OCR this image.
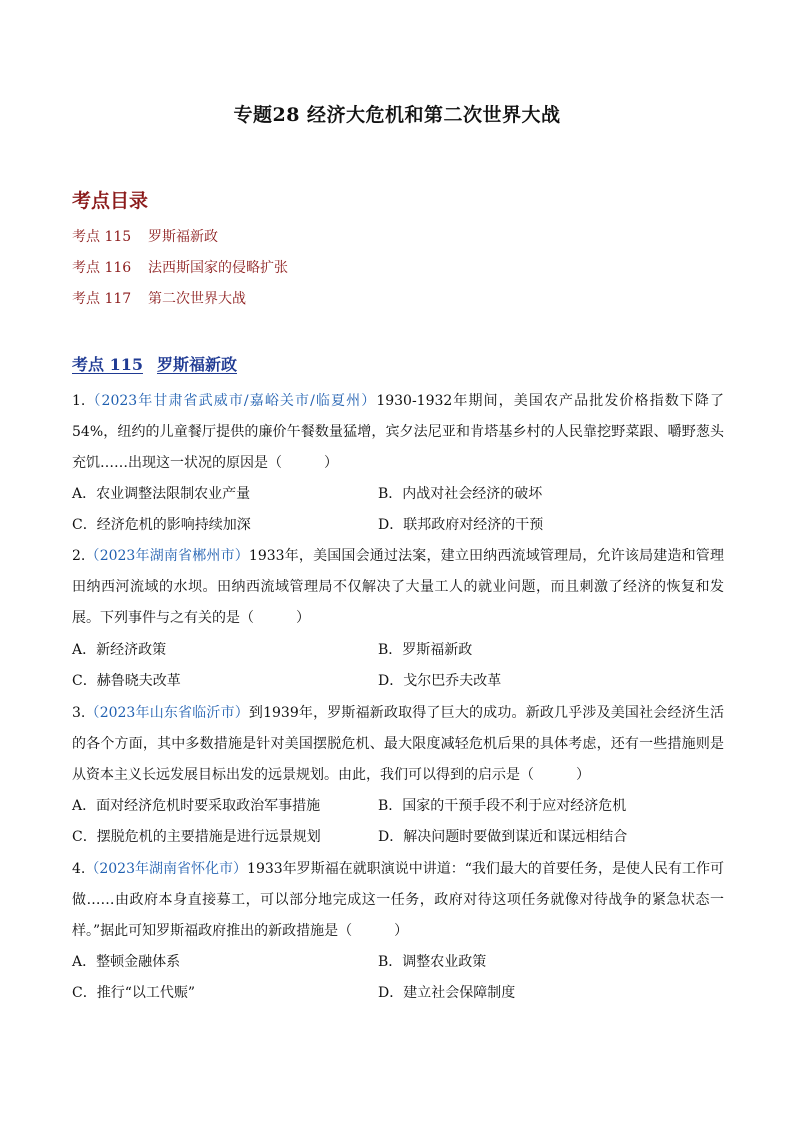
专题28 经济大危机和第二次世界大战
考点目录
考点 115 罗斯福新政
考点 116 法西斯国家的侵略扩张
考点 117 第二次世界大战
考点 115 罗斯福新政
1.（2023年甘肃省武威市/嘉峪关市/临夏州）1930-1932年期间，美国农产品批发价格指数下降了54%，纽约的儿童餐厅提供的廉价午餐数量猛增，宾夕法尼亚和肯塔基乡村的人民靠挖野菜跟、嚼野葱头充饥……出现这一状况的原因是（　　　）
A．农业调整法限制农业产量	B．内战对社会经济的破坏
C．经济危机的影响持续加深	D．联邦政府对经济的干预
2.（2023年湖南省郴州市）1933年，美国国会通过法案，建立田纳西流域管理局，允许该局建造和管理田纳西河流域的水坝。田纳西流域管理局不仅解决了大量工人的就业问题，而且刺激了经济的恢复和发展。下列事件与之有关的是（　　　）
A．新经济政策	B．罗斯福新政
C．赫鲁晓夫改革	D．戈尔巴乔夫改革
3.（2023年山东省临沂市）到1939年，罗斯福新政取得了巨大的成功。新政几乎涉及美国社会经济生活的各个方面，其中多数措施是针对美国摆脱危机、最大限度减轻危机后果的具体考虑，还有一些措施则是从资本主义长远发展目标出发的远景规划。由此，我们可以得到的启示是（　　　）
A．面对经济危机时要采取政治军事措施	B．国家的干预手段不利于应对经济危机
C．摆脱危机的主要措施是进行远景规划	D．解决问题时要做到谋近和谋远相结合
4.（2023年湖南省怀化市）1933年罗斯福在就职演说中讲道：“我们最大的首要任务，是使人民有工作可做……由政府本身直接募工，可以部分地完成这一任务，政府对待这项任务就像对待战争的紧急状态一样。”据此可知罗斯福政府推出的新政措施是（　　　）
A．整顿金融体系	B．调整农业政策
C．推行“以工代赈”	D．建立社会保障制度
